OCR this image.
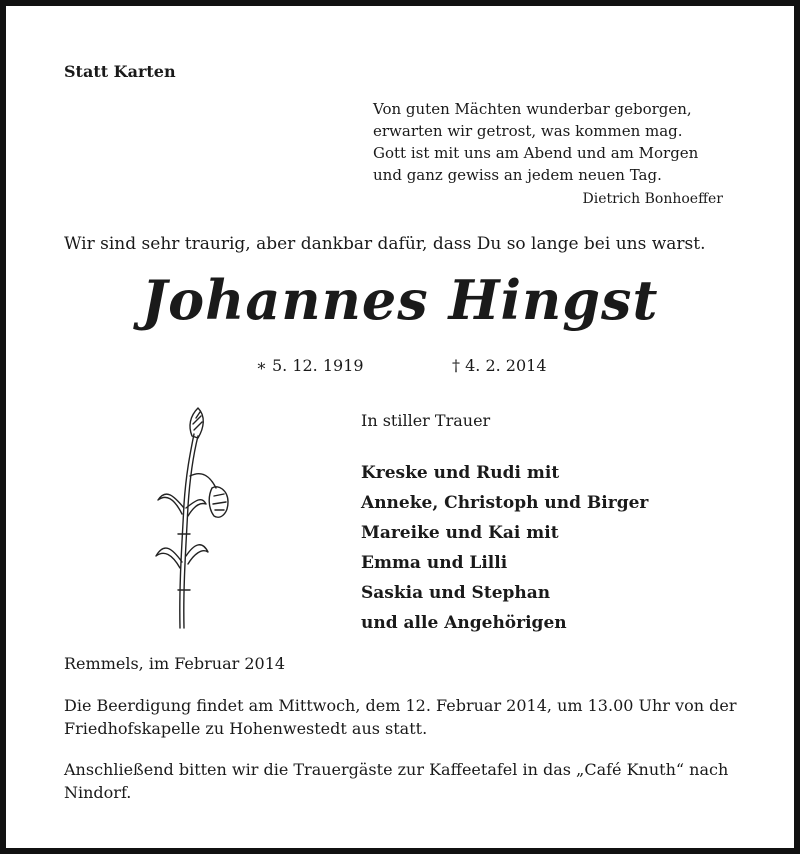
Statt Karten
Von guten Mächten wunderbar geborgen,
erwarten wir getrost, was kommen mag.
Gott ist mit uns am Abend und am Morgen
und ganz gewiss an jedem neuen Tag.
Dietrich Bonhoeffer
Wir sind sehr traurig, aber dankbar dafür, dass Du so lange bei uns warst.
Johannes Hingst
∗ 5. 12. 1919	† 4. 2. 2014
In stiller Trauer
Kreske und Rudi mit
Anneke, Christoph und Birger
Mareike und Kai mit
Emma und Lilli
Saskia und Stephan
und alle Angehörigen
Remmels, im Februar 2014
Die Beerdigung findet am Mittwoch, dem 12. Februar 2014, um 13.00 Uhr von der Friedhofskapelle zu Hohenwestedt aus statt.
Anschließend bitten wir die Trauergäste zur Kaffeetafel in das „Café Knuth“ nach Nindorf.
